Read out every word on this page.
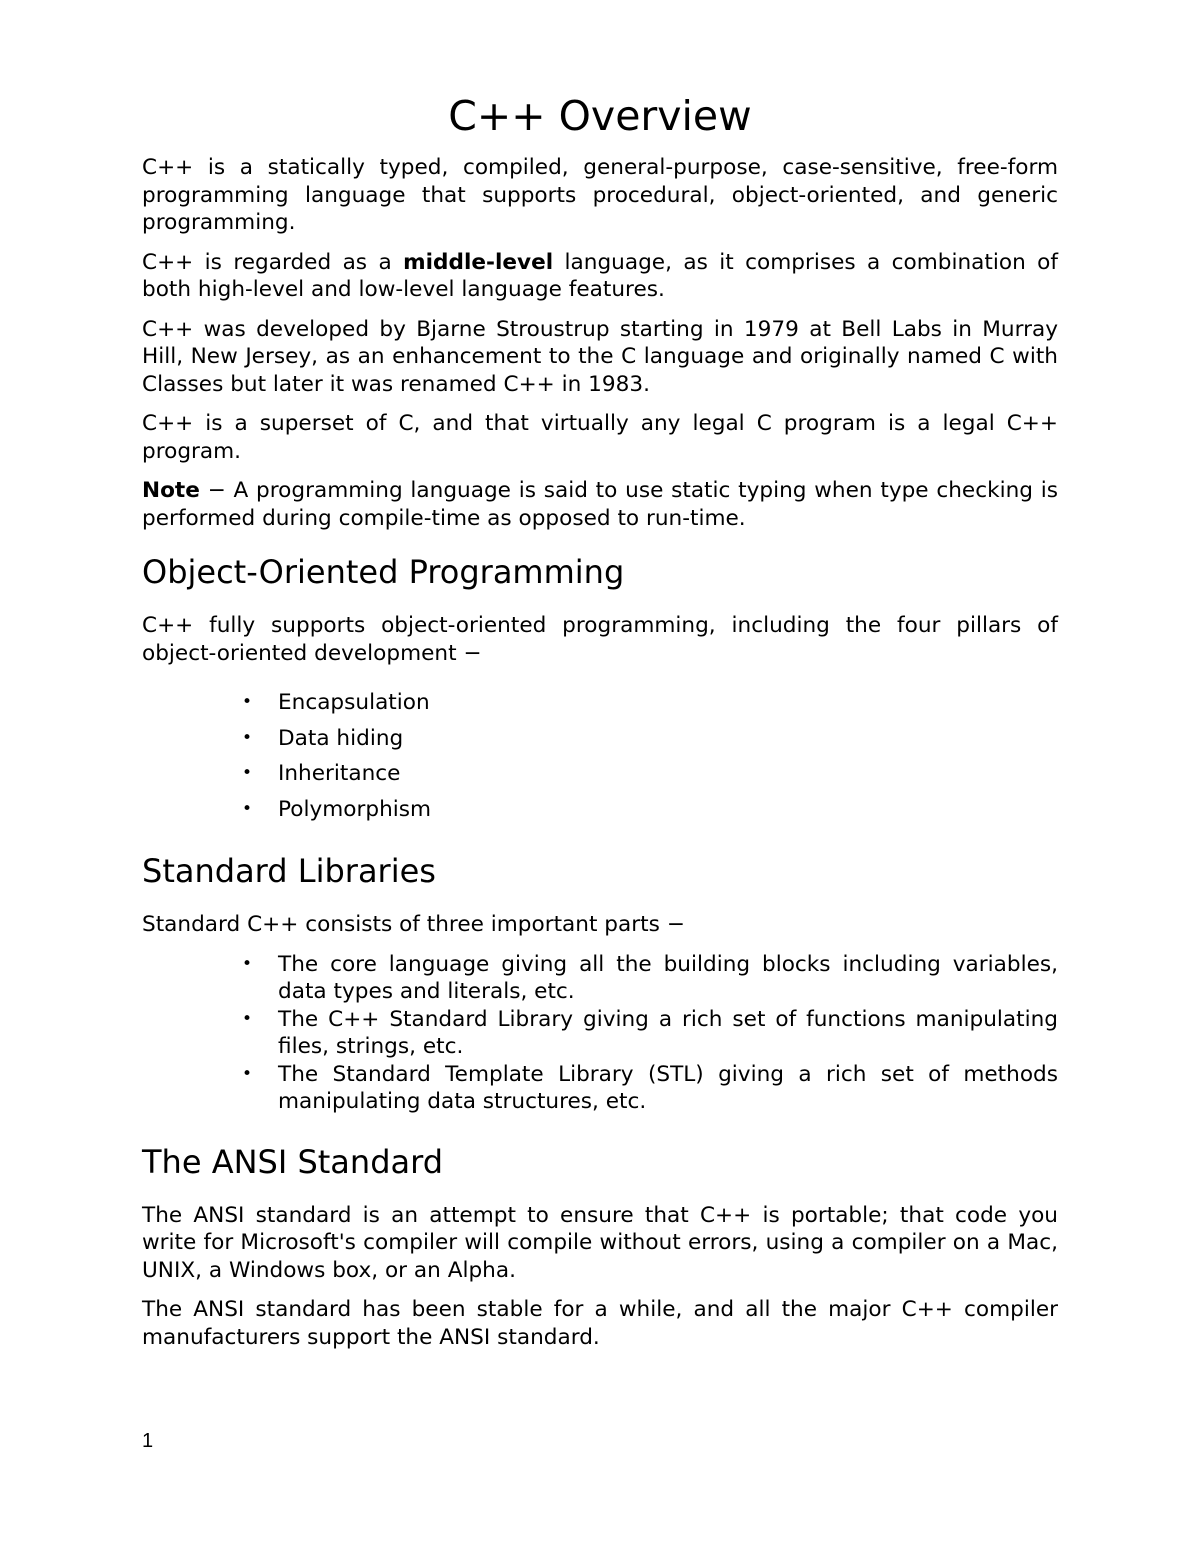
C++ Overview

C++ is a statically typed, compiled, general-purpose, case-sensitive, free-form programming language that supports procedural, object-oriented, and generic programming.

C++ is regarded as a middle-level language, as it comprises a combination of both high-level and low-level language features.

C++ was developed by Bjarne Stroustrup starting in 1979 at Bell Labs in Murray Hill, New Jersey, as an enhancement to the C language and originally named C with Classes but later it was renamed C++ in 1983.

C++ is a superset of C, and that virtually any legal C program is a legal C++ program.

Note − A programming language is said to use static typing when type checking is performed during compile-time as opposed to run-time.

Object-Oriented Programming

C++ fully supports object-oriented programming, including the four pillars of object-oriented development −

• Encapsulation
• Data hiding
• Inheritance
• Polymorphism
Standard Libraries

Standard C++ consists of three important parts −

• The core language giving all the building blocks including variables, data types and literals, etc.
• The C++ Standard Library giving a rich set of functions manipulating files, strings, etc.
• The Standard Template Library (STL) giving a rich set of methods manipulating data structures, etc.
The ANSI Standard

The ANSI standard is an attempt to ensure that C++ is portable; that code you write for Microsoft's compiler will compile without errors, using a compiler on a Mac, UNIX, a Windows box, or an Alpha.

The ANSI standard has been stable for a while, and all the major C++ compiler manufacturers support the ANSI standard.

1
